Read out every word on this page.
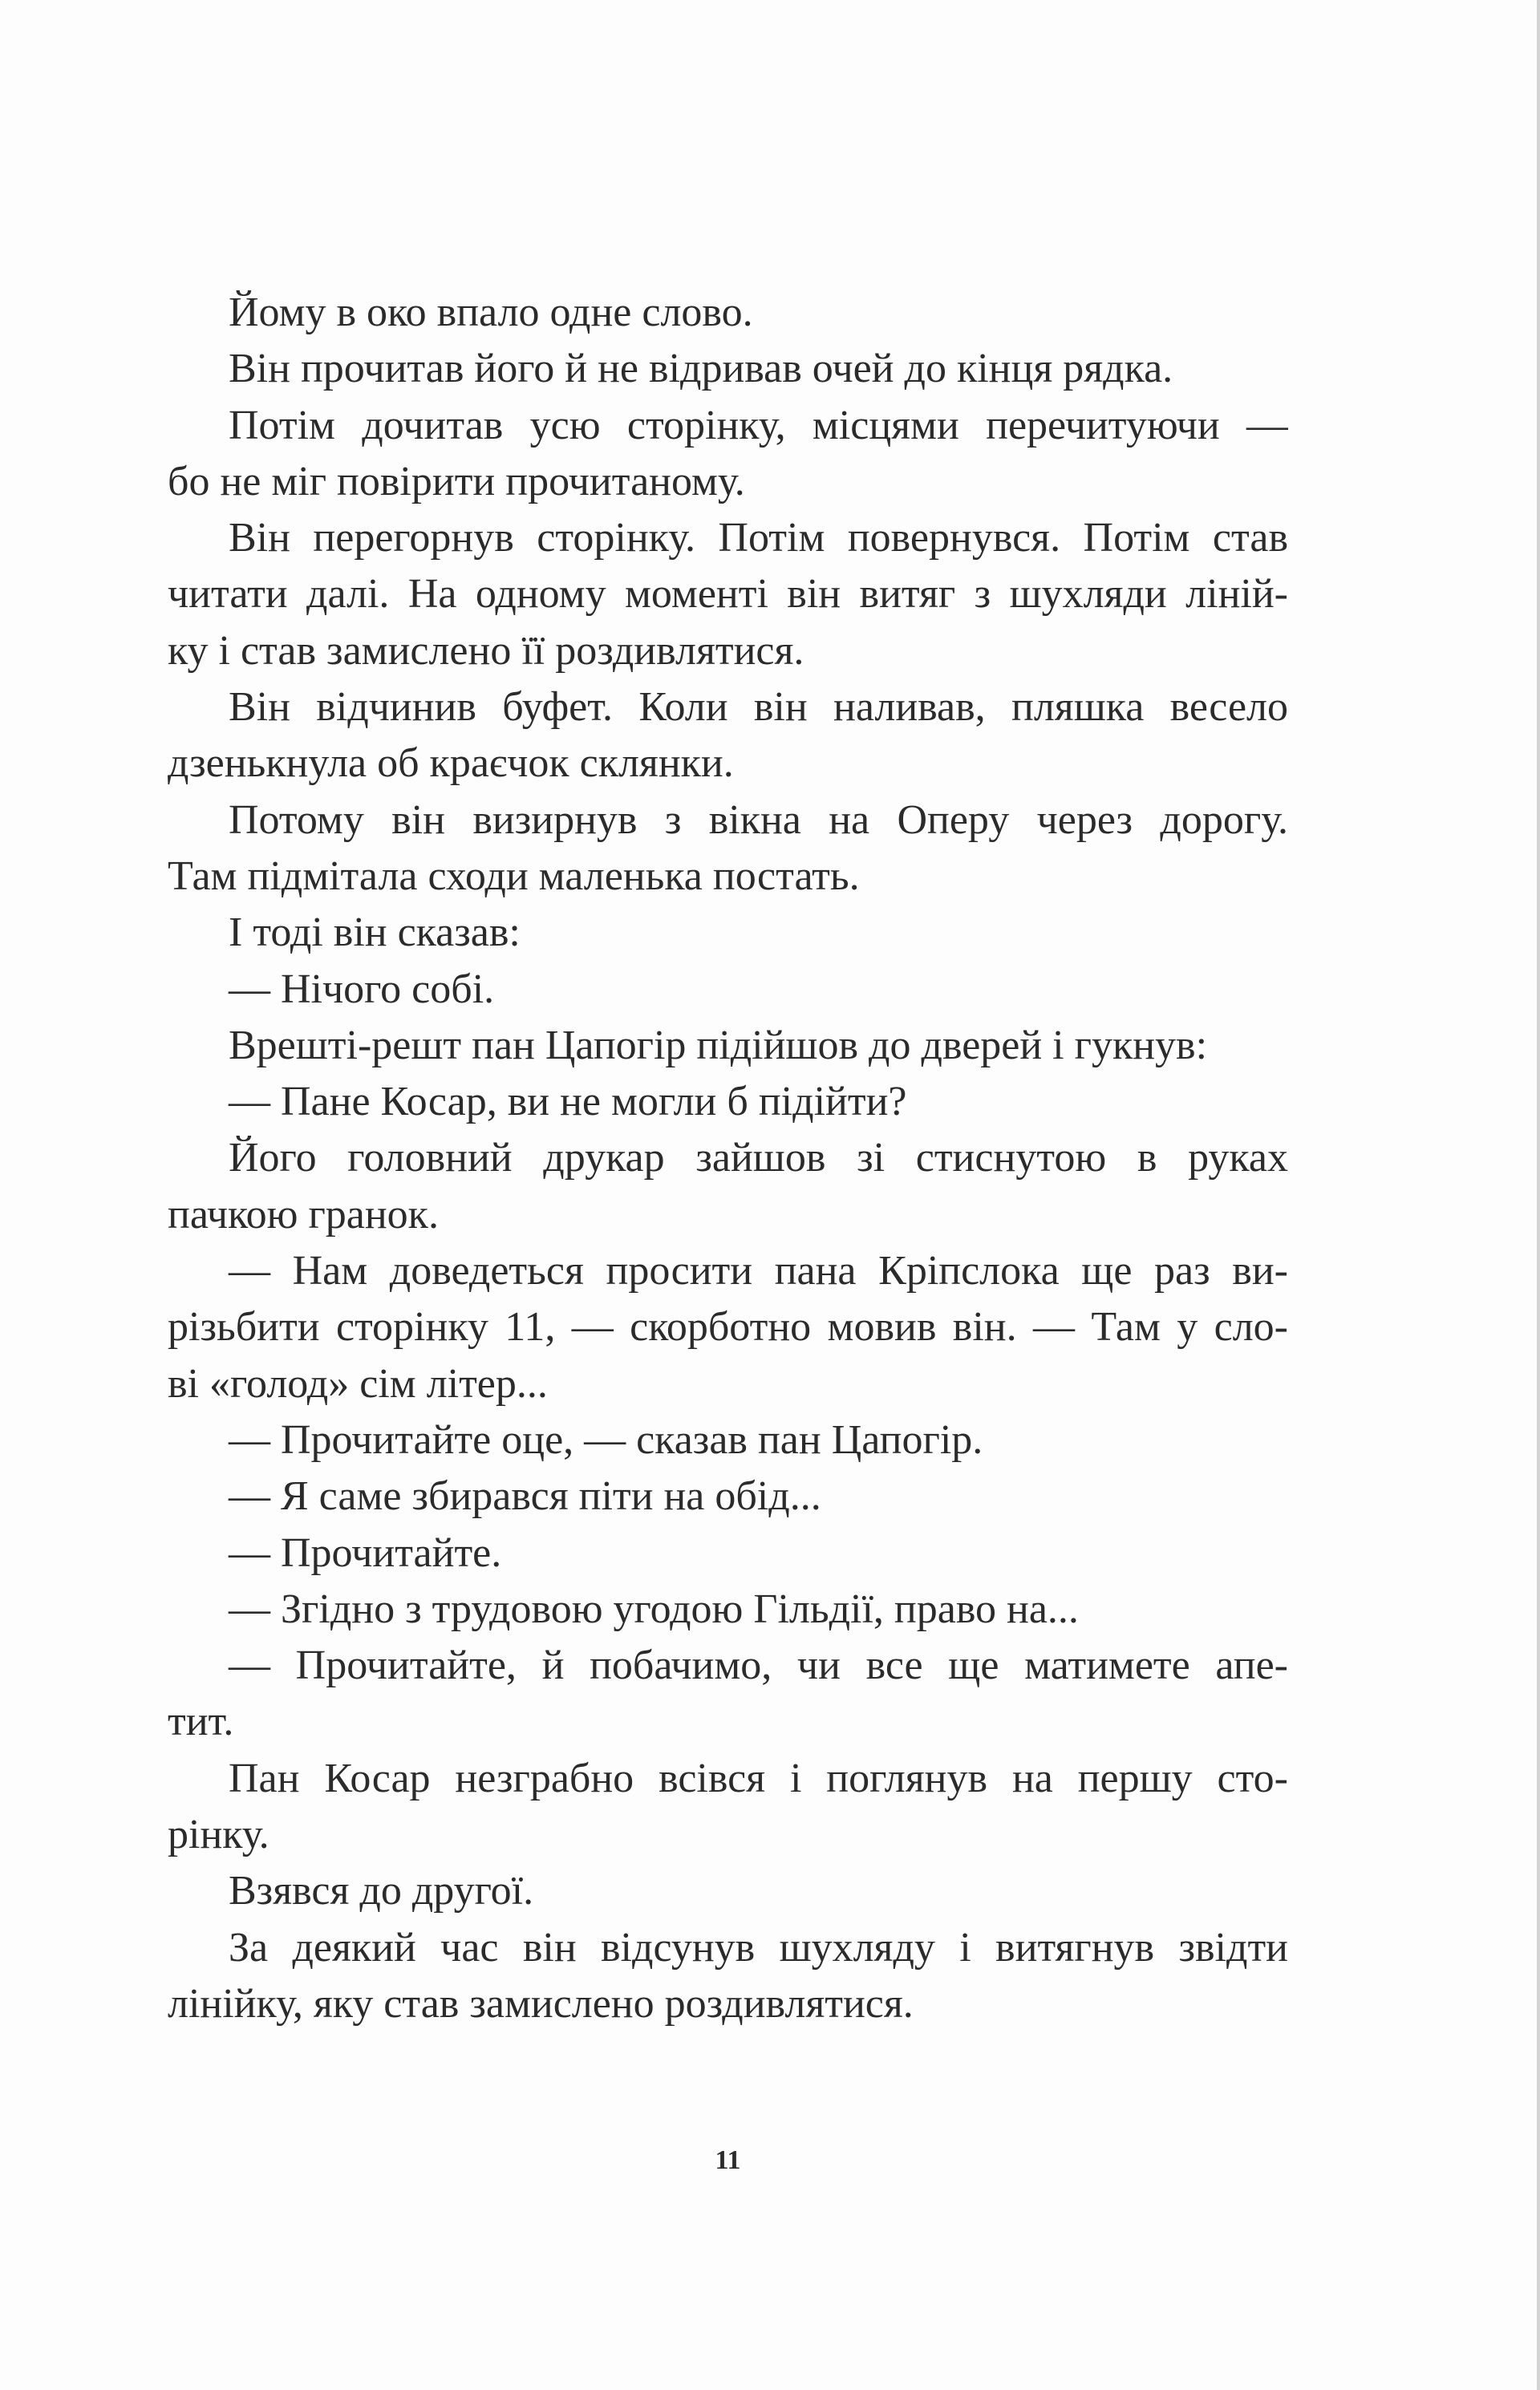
Йому в око впало одне слово.
Він прочитав його й не відривав очей до кінця рядка.
Потім дочитав усю сторінку, місцями перечитуючи —
бо не міг повірити прочитаному.
Він перегорнув сторінку. Потім повернувся. Потім став
читати далі. На одному моменті він витяг з шухляди лінiй-
ку і став замислено її роздивлятися.
Він відчинив буфет. Коли він наливав, пляшка весело
дзенькнула об краєчок склянки.
Потому він визирнув з вікна на Оперу через дорогу.
Там підмітала сходи маленька постать.
І тоді він сказав:
— Нічого собі.
Врешті-решт пан Цапогір підійшов до дверей і гукнув:
— Пане Косар, ви не могли б підійти?
Його головний друкар зайшов зі стиснутою в руках
пачкою гранок.
— Нам доведеться просити пана Кріпслока ще раз ви-
різьбити сторінку 11, — скорботно мовив він. — Там у сло-
ві «голод» сім літер...
— Прочитайте оце, — сказав пан Цапогір.
— Я саме збирався піти на обід...
— Прочитайте.
— Згідно з трудовою угодою Гільдії, право на...
— Прочитайте, й побачимо, чи все ще матимете апе-
тит.
Пан Косар незграбно всівся і поглянув на першу сто-
рінку.
Взявся до другої.
За деякий час він відсунув шухляду і витягнув звідти
лінійку, яку став замислено роздивлятися.
11
